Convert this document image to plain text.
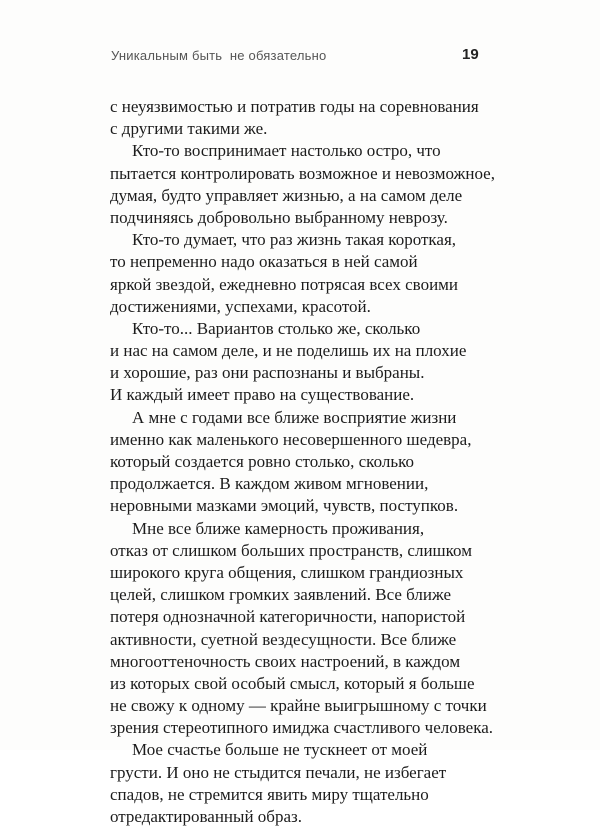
Уникальным быть  не обязательно	19
с неуязвимостью и потратив годы на соревнования
с другими такими же.
Кто-то воспринимает настолько остро, что
пытается контролировать возможное и невозможное,
думая, будто управляет жизнью, а на самом деле
подчиняясь добровольно выбранному неврозу.
Кто-то думает, что раз жизнь такая короткая,
то непременно надо оказаться в ней самой
яркой звездой, ежедневно потрясая всех своими
достижениями, успехами, красотой.
Кто-то... Вариантов столько же, сколько
и нас на самом деле, и не поделишь их на плохие
и хорошие, раз они распознаны и выбраны.
И каждый имеет право на существование.
А мне с годами все ближе восприятие жизни
именно как маленького несовершенного шедевра,
который создается ровно столько, сколько
продолжается. В каждом живом мгновении,
неровными мазками эмоций, чувств, поступков.
Мне все ближе камерность проживания,
отказ от слишком больших пространств, слишком
широкого круга общения, слишком грандиозных
целей, слишком громких заявлений. Все ближе
потеря однозначной категоричности, напористой
активности, суетной вездесущности. Все ближе
многооттеночность своих настроений, в каждом
из которых свой особый смысл, который я больше
не свожу к одному — крайне выигрышному с точки
зрения стереотипного имиджа счастливого человека.
Мое счастье больше не тускнеет от моей
грусти. И оно не стыдится печали, не избегает
спадов, не стремится явить миру тщательно
отредактированный образ.
